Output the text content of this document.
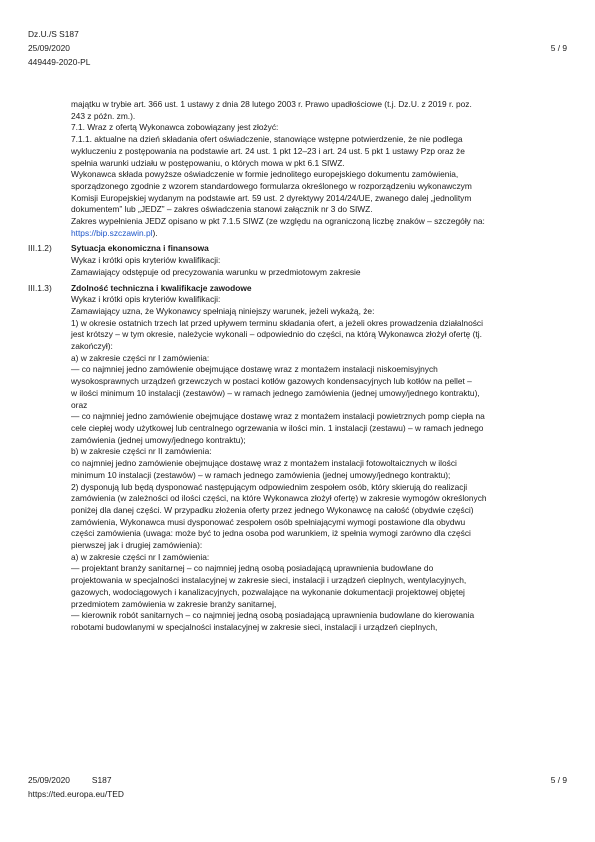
Dz.U./S S187
25/09/2020
449449-2020-PL
5 / 9
majątku w trybie art. 366 ust. 1 ustawy z dnia 28 lutego 2003 r. Prawo upadłościowe (t.j. Dz.U. z 2019 r. poz.
243 z późn. zm.).
7.1. Wraz z ofertą Wykonawca zobowiązany jest złożyć:
7.1.1. aktualne na dzień składania ofert oświadczenie, stanowiące wstępne potwierdzenie, że nie podlega
wykluczeniu z postępowania na podstawie art. 24 ust. 1 pkt 12–23 i art. 24 ust. 5 pkt 1 ustawy Pzp oraz że
spełnia warunki udziału w postępowaniu, o których mowa w pkt 6.1 SIWZ.
Wykonawca składa powyższe oświadczenie w formie jednolitego europejskiego dokumentu zamówienia,
sporządzonego zgodnie z wzorem standardowego formularza określonego w rozporządzeniu wykonawczym
Komisji Europejskiej wydanym na podstawie art. 59 ust. 2 dyrektywy 2014/24/UE, zwanego dalej „jednolitym
dokumentem” lub „JEDZ” – zakres oświadczenia stanowi załącznik nr 3 do SIWZ.
Zakres wypełnienia JEDZ opisano w pkt 7.1.5 SIWZ (ze względu na ograniczoną liczbę znaków – szczegóły na:
https://bip.szczawin.pl).
III.1.2) Sytuacja ekonomiczna i finansowa
Wykaz i krótki opis kryteriów kwalifikacji:
Zamawiający odstępuje od precyzowania warunku w przedmiotowym zakresie
III.1.3) Zdolność techniczna i kwalifikacje zawodowe
Wykaz i krótki opis kryteriów kwalifikacji:
Zamawiający uzna, że Wykonawcy spełniają niniejszy warunek, jeżeli wykażą, że:
1) w okresie ostatnich trzech lat przed upływem terminu składania ofert, a jeżeli okres prowadzenia działalności
jest krótszy – w tym okresie, należycie wykonali – odpowiednio do części, na którą Wykonawca złożył ofertę (tj.
zakończył):
a) w zakresie części nr I zamówienia:
— co najmniej jedno zamówienie obejmujące dostawę wraz z montażem instalacji niskoemisyjnych
wysokosprawnych urządzeń grzewczych w postaci kotłów gazowych kondensacyjnych lub kotłów na pellet –
w ilości minimum 10 instalacji (zestawów) – w ramach jednego zamówienia (jednej umowy/jednego kontraktu),
oraz
— co najmniej jedno zamówienie obejmujące dostawę wraz z montażem instalacji powietrznych pomp ciepła na
cele ciepłej wody użytkowej lub centralnego ogrzewania w ilości min. 1 instalacji (zestawu) – w ramach jednego
zamówienia (jednej umowy/jednego kontraktu);
b) w zakresie części nr II zamówienia:
co najmniej jedno zamówienie obejmujące dostawę wraz z montażem instalacji fotowoltaicznych w ilości
minimum 10 instalacji (zestawów) – w ramach jednego zamówienia (jednej umowy/jednego kontraktu);
2) dysponują lub będą dysponować następującym odpowiednim zespołem osób, który skierują do realizacji
zamówienia (w zależności od ilości części, na które Wykonawca złożył ofertę) w zakresie wymogów określonych
poniżej dla danej części. W przypadku złożenia oferty przez jednego Wykonawcę na całość (obydwie części)
zamówienia, Wykonawca musi dysponować zespołem osób spełniającymi wymogi postawione dla obydwu
części zamówienia (uwaga: może być to jedna osoba pod warunkiem, iż spełnia wymogi zarówno dla części
pierwszej jak i drugiej zamówienia):
a) w zakresie części nr I zamówienia:
— projektant branży sanitarnej – co najmniej jedną osobą posiadającą uprawnienia budowlane do
projektowania w specjalności instalacyjnej w zakresie sieci, instalacji i urządzeń cieplnych, wentylacyjnych,
gazowych, wodociągowych i kanalizacyjnych, pozwalające na wykonanie dokumentacji projektowej objętej
przedmiotem zamówienia w zakresie branży sanitarnej,
— kierownik robót sanitarnych – co najmniej jedną osobą posiadającą uprawnienia budowlane do kierowania
robotami budowlanymi w specjalności instalacyjnej w zakresie sieci, instalacji i urządzeń cieplnych,
25/09/2020	S187
https://ted.europa.eu/TED
5 / 9
